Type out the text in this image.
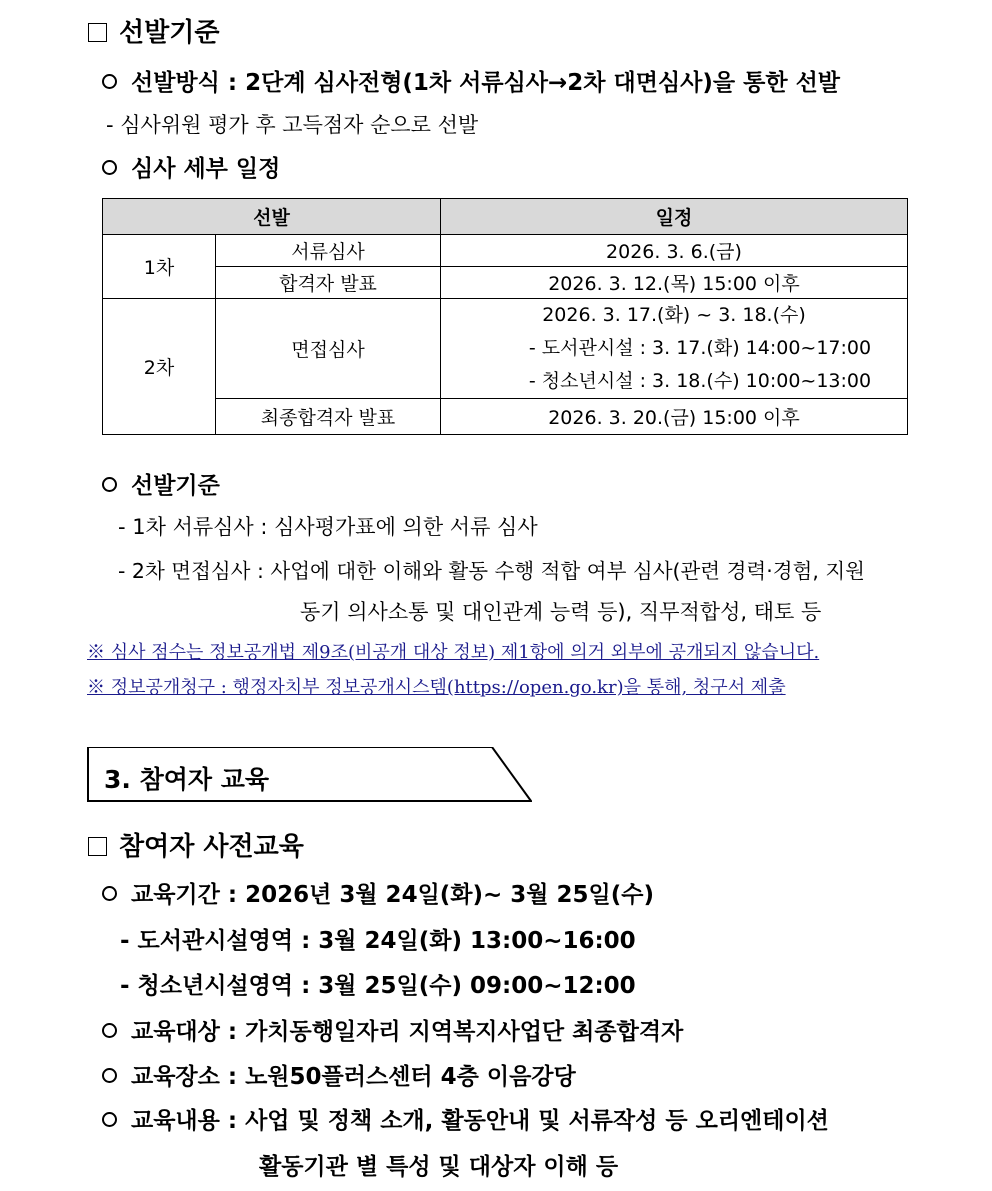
선발기준
선발방식 : 2단계 심사전형(1차 서류심사→2차 대면심사)을 통한 선발
- 심사위원 평가 후 고득점자 순으로 선발
심사 세부 일정
선발		일정
1차	서류심사	2026. 3. 6.(금)
	합격자 발표	2026. 3. 12.(목) 15:00 이후
2차	면접심사	2026. 3. 17.(화) ~ 3. 18.(수)
- 도서관시설 : 3. 17.(화) 14:00~17:00
- 청소년시설 : 3. 18.(수) 10:00~13:00

	최종합격자 발표	2026. 3. 20.(금) 15:00 이후
선발기준
- 1차 서류심사 : 심사평가표에 의한 서류 심사
- 2차 면접심사 : 사업에 대한 이해와 활동 수행 적합 여부 심사(관련 경력·경험, 지원
동기 의사소통 및 대인관계 능력 등), 직무적합성, 태토 등
※ 심사 점수는 정보공개법 제9조(비공개 대상 정보) 제1항에 의거 외부에 공개되지 않습니다.
※ 정보공개청구 : 행정자치부 정보공개시스템(https://open.go.kr)을 통해, 청구서 제출
3. 참여자 교육
참여자 사전교육
교육기간 : 2026년 3월 24일(화)~ 3월 25일(수)
- 도서관시설영역 : 3월 24일(화) 13:00~16:00
- 청소년시설영역 : 3월 25일(수) 09:00~12:00
교육대상 : 가치동행일자리 지역복지사업단 최종합격자
교육장소 : 노원50플러스센터 4층 이음강당
교육내용 : 사업 및 정책 소개, 활동안내 및 서류작성 등 오리엔테이션
활동기관 별 특성 및 대상자 이해 등
